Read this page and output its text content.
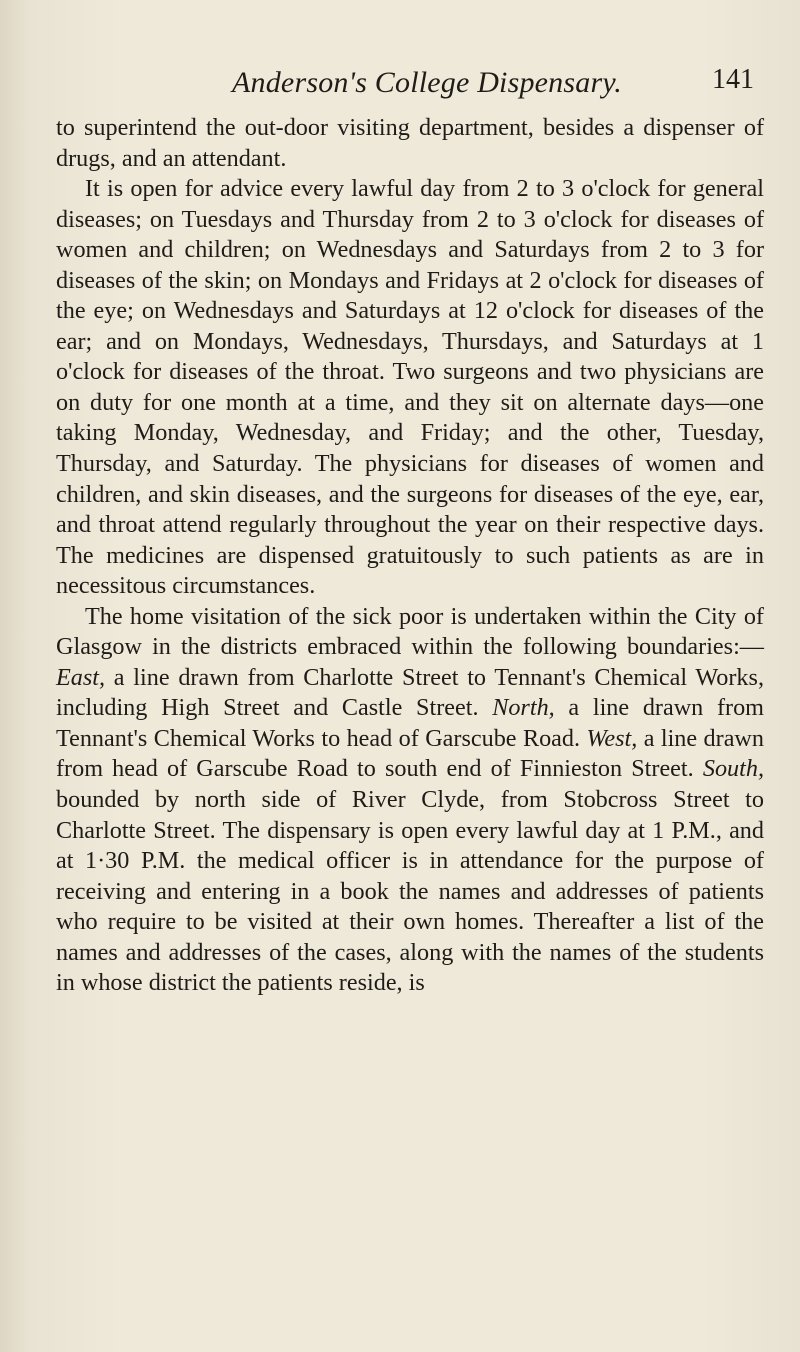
Anderson's College Dispensary.	141

to superintend the out-door visiting department, besides a dispenser of drugs, and an attendant.

It is open for advice every lawful day from 2 to 3 o'clock for general diseases; on Tuesdays and Thursday from 2 to 3 o'clock for diseases of women and children; on Wednesdays and Saturdays from 2 to 3 for diseases of the skin; on Mondays and Fridays at 2 o'clock for diseases of the eye; on Wednesdays and Saturdays at 12 o'clock for diseases of the ear; and on Mondays, Wednesdays, Thursdays, and Saturdays at 1 o'clock for diseases of the throat. Two surgeons and two physicians are on duty for one month at a time, and they sit on alternate days—one taking Monday, Wednesday, and Friday; and the other, Tuesday, Thursday, and Saturday. The physicians for diseases of women and children, and skin diseases, and the surgeons for diseases of the eye, ear, and throat attend regularly throughout the year on their respective days. The medicines are dispensed gratuitously to such patients as are in necessitous circumstances.

The home visitation of the sick poor is undertaken within the City of Glasgow in the districts embraced within the following boundaries:—East, a line drawn from Charlotte Street to Tennant's Chemical Works, including High Street and Castle Street. North, a line drawn from Tennant's Chemical Works to head of Garscube Road. West, a line drawn from head of Garscube Road to south end of Finnieston Street. South, bounded by north side of River Clyde, from Stobcross Street to Charlotte Street. The dispensary is open every lawful day at 1 P.M., and at 1·30 P.M. the medical officer is in attendance for the purpose of receiving and entering in a book the names and addresses of patients who require to be visited at their own homes. Thereafter a list of the names and addresses of the cases, along with the names of the students in whose district the patients reside, is
